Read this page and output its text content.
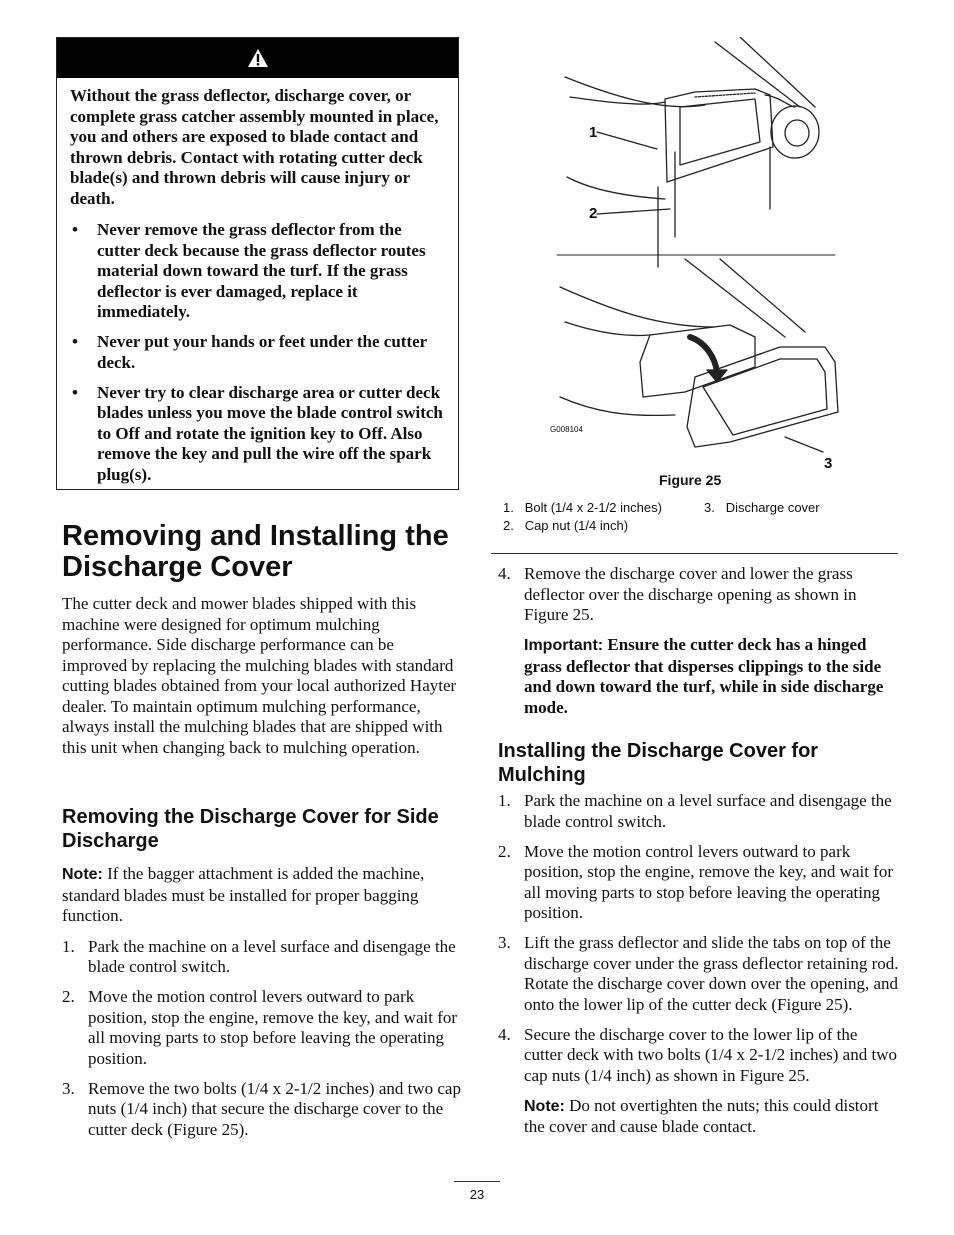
Without the grass deflector, discharge cover, or complete grass catcher assembly mounted in place, you and others are exposed to blade contact and thrown debris. Contact with rotating cutter deck blade(s) and thrown debris will cause injury or death.

• Never remove the grass deflector from the cutter deck because the grass deflector routes material down toward the turf. If the grass deflector is ever damaged, replace it immediately.
• Never put your hands or feet under the cutter deck.
• Never try to clear discharge area or cutter deck blades unless you move the blade control switch to Off and rotate the ignition key to Off. Also remove the key and pull the wire off the spark plug(s).
Removing and Installing the Discharge Cover

The cutter deck and mower blades shipped with this machine were designed for optimum mulching performance. Side discharge performance can be improved by replacing the mulching blades with standard cutting blades obtained from your local authorized Hayter dealer. To maintain optimum mulching performance, always install the mulching blades that are shipped with this unit when changing back to mulching operation.

Removing the Discharge Cover for Side Discharge

Note: If the bagger attachment is added the machine, standard blades must be installed for proper bagging function.

1. Park the machine on a level surface and disengage the blade control switch.
2. Move the motion control levers outward to park position, stop the engine, remove the key, and wait for all moving parts to stop before leaving the operating position.
3. Remove the two bolts (1/4 x 2-1/2 inches) and two cap nuts (1/4 inch) that secure the discharge cover to the cutter deck (Figure 25).
1
2
3
G008104
Figure 25
1. Bolt (1/4 x 2-1/2 inches)
2. Cap nut (1/4 inch)
3. Discharge cover
4. Remove the discharge cover and lower the grass deflector over the discharge opening as shown in Figure 25.

Important: Ensure the cutter deck has a hinged grass deflector that disperses clippings to the side and down toward the turf, while in side discharge mode.

Installing the Discharge Cover for Mulching
1. Park the machine on a level surface and disengage the blade control switch.
2. Move the motion control levers outward to park position, stop the engine, remove the key, and wait for all moving parts to stop before leaving the operating position.
3. Lift the grass deflector and slide the tabs on top of the discharge cover under the grass deflector retaining rod. Rotate the discharge cover down over the opening, and onto the lower lip of the cutter deck (Figure 25).
4. Secure the discharge cover to the lower lip of the cutter deck with two bolts (1/4 x 2-1/2 inches) and two cap nuts (1/4 inch) as shown in Figure 25.

Note: Do not overtighten the nuts; this could distort the cover and cause blade contact.

23
